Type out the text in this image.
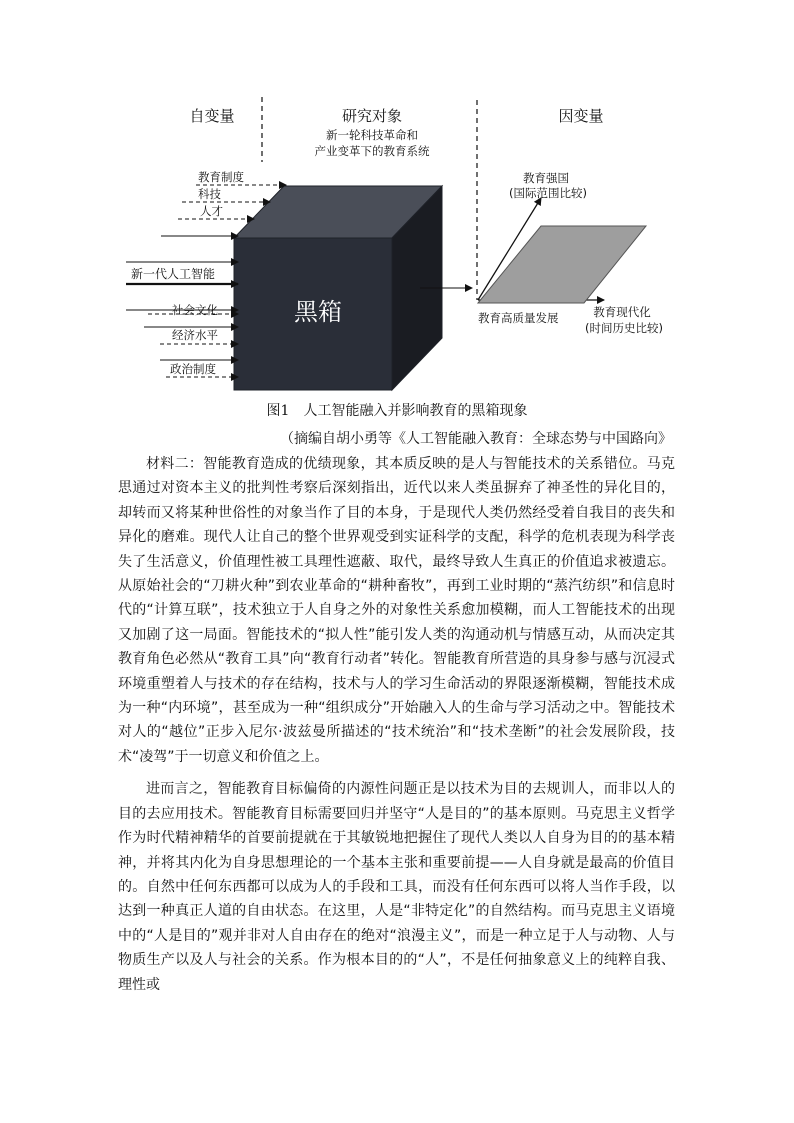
自变量	研究对象
新一轮科技革命和
产业变革下的教育系统
因变量
黑箱
教育制度
科技
人才
新一代人工智能
社会文化
经济水平
政治制度
教育强国
(国际范围比较)
教育高质量发展	教育现代化
(时间历史比较)
图1 人工智能融入并影响教育的黑箱现象
（摘编自胡小勇等《人工智能融入教育：全球态势与中国路向》

材料二：智能教育造成的优绩现象，其本质反映的是人与智能技术的关系错位。马克思通过对资本主义的批判性考察后深刻指出，近代以来人类虽摒弃了神圣性的异化目的，却转而又将某种世俗性的对象当作了目的本身，于是现代人类仍然经受着自我目的丧失和异化的磨难。现代人让自己的整个世界观受到实证科学的支配，科学的危机表现为科学丧失了生活意义，价值理性被工具理性遮蔽、取代，最终导致人生真正的价值追求被遗忘。从原始社会的“刀耕火种”到农业革命的“耕种畜牧”，再到工业时期的“蒸汽纺织”和信息时代的“计算互联”，技术独立于人自身之外的对象性关系愈加模糊，而人工智能技术的出现又加剧了这一局面。智能技术的“拟人性”能引发人类的沟通动机与情感互动，从而决定其教育角色必然从“教育工具”向“教育行动者”转化。智能教育所营造的具身参与感与沉浸式环境重塑着人与技术的存在结构，技术与人的学习生命活动的界限逐渐模糊，智能技术成为一种“内环境”，甚至成为一种“组织成分”开始融入人的生命与学习活动之中。智能技术对人的“越位”正步入尼尔·波兹曼所描述的“技术统治”和“技术垄断”的社会发展阶段，技术“凌驾”于一切意义和价值之上。

进而言之，智能教育目标偏倚的内源性问题正是以技术为目的去规训人，而非以人的目的去应用技术。智能教育目标需要回归并坚守“人是目的”的基本原则。马克思主义哲学作为时代精神精华的首要前提就在于其敏锐地把握住了现代人类以人自身为目的的基本精神，并将其内化为自身思想理论的一个基本主张和重要前提——人自身就是最高的价值目的。自然中任何东西都可以成为人的手段和工具，而没有任何东西可以将人当作手段，以达到一种真正人道的自由状态。在这里，人是“非特定化”的自然结构。而马克思主义语境中的“人是目的”观并非对人自由存在的绝对“浪漫主义”，而是一种立足于人与动物、人与物质生产以及人与社会的关系。作为根本目的的“人”，不是任何抽象意义上的纯粹自我、理性或
